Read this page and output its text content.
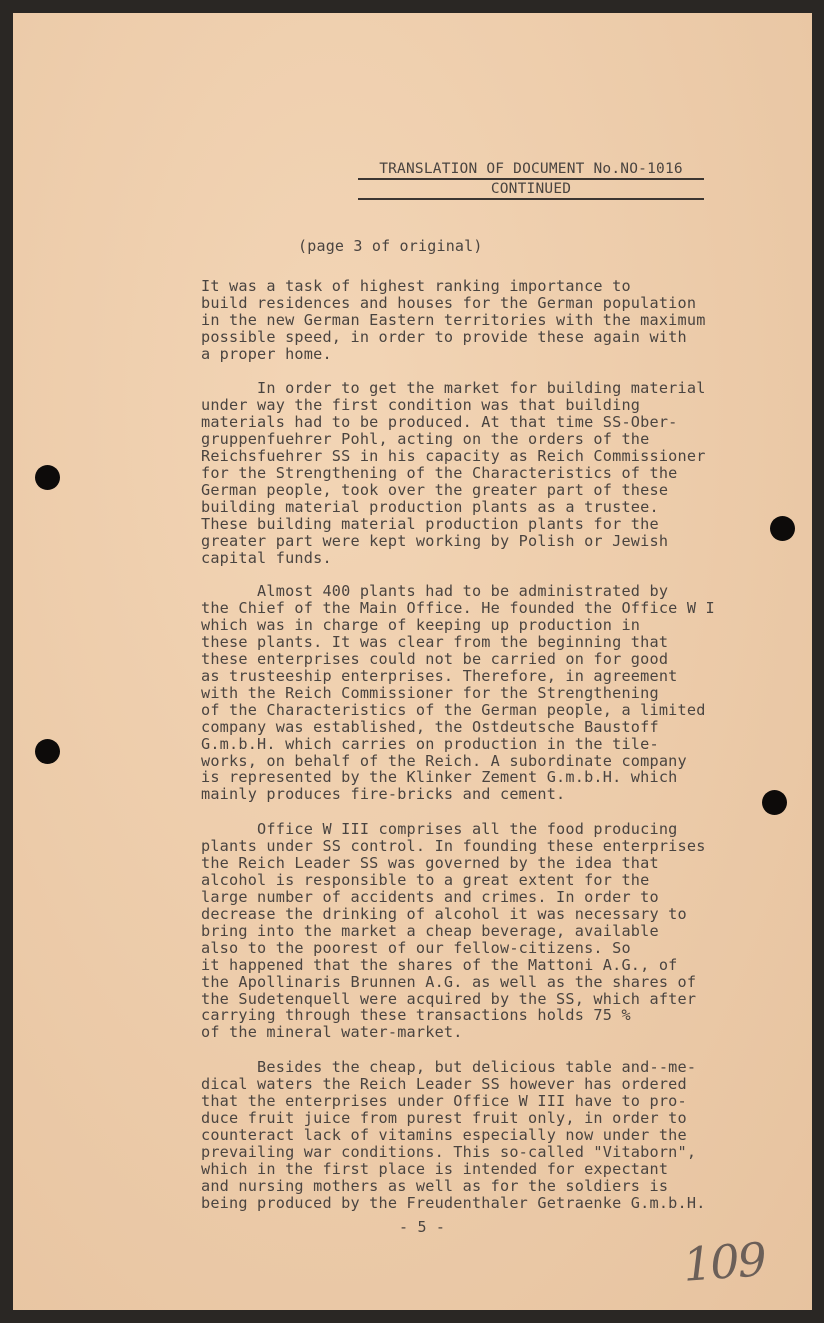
TRANSLATION OF DOCUMENT No.NO-1016
CONTINUED
(page 3 of original)

It was a task of highest ranking importance to
build residences and houses for the German population
in the new German Eastern territories with the maximum
possible speed, in order to provide these again with
a proper home.

In order to get the market for building material
under way the first condition was that building
materials had to be produced. At that time SS-Ober-
gruppenfuehrer Pohl, acting on the orders of the
Reichsfuehrer SS in his capacity as Reich Commissioner
for the Strengthening of the Characteristics of the
German people, took over the greater part of these
building material production plants as a trustee.
These building material production plants for the
greater part were kept working by Polish or Jewish
capital funds.

Almost 400 plants had to be administrated by
the Chief of the Main Office. He founded the Office W I
which was in charge of keeping up production in
these plants. It was clear from the beginning that
these enterprises could not be carried on for good
as trusteeship enterprises. Therefore, in agreement
with the Reich Commissioner for the Strengthening
of the Characteristics of the German people, a limited
company was established, the Ostdeutsche Baustoff
G.m.b.H. which carries on production in the tile-
works, on behalf of the Reich. A subordinate company
is represented by the Klinker Zement G.m.b.H. which
mainly produces fire-bricks and cement.

Office W III comprises all the food producing
plants under SS control. In founding these enterprises
the Reich Leader SS was governed by the idea that
alcohol is responsible to a great extent for the
large number of accidents and crimes. In order to
decrease the drinking of alcohol it was necessary to
bring into the market a cheap beverage, available
also to the poorest of our fellow-citizens. So
it happened that the shares of the Mattoni A.G., of
the Apollinaris Brunnen A.G. as well as the shares of
the Sudetenquell were acquired by the SS, which after
carrying through these transactions holds 75 %
of the mineral water-market.

Besides the cheap, but delicious table and--me-
dical waters the Reich Leader SS however has ordered
that the enterprises under Office W III have to pro-
duce fruit juice from purest fruit only, in order to
counteract lack of vitamins especially now under the
prevailing war conditions. This so-called "Vitaborn",
which in the first place is intended for expectant
and nursing mothers as well as for the soldiers is
being produced by the Freudenthaler Getraenke G.m.b.H.

- 5 -
109
